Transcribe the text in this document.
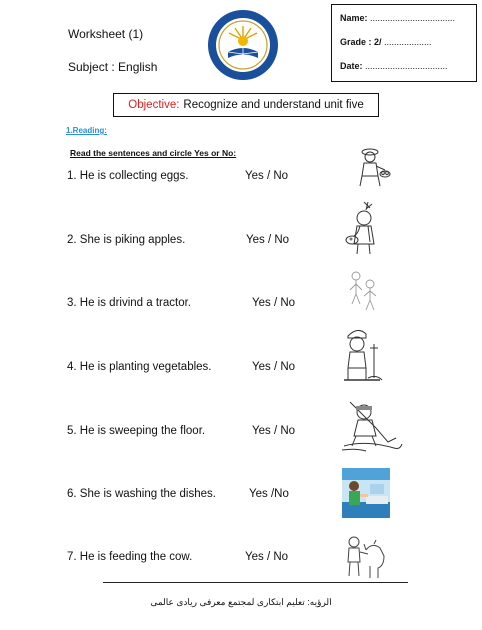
Worksheet (1)
Subject : English
Name: ..................................
Grade : 2/ ...................
Date: .................................
Objective: Recognize and understand unit five
1.Reading:
Read the sentences and circle Yes or No:
1. He is collecting eggs.	Yes / No
2. She is piking apples.	Yes / No
3. He is drivind a tractor.	Yes / No
4. He is planting vegetables.	Yes / No
5. He is sweeping the floor.	Yes / No
6. She is washing the dishes.	Yes /No
7. He is feeding the cow.	Yes / No
الرؤيه: تعليم ابتكارى لمجتمع معرفى ريادى عالمى
